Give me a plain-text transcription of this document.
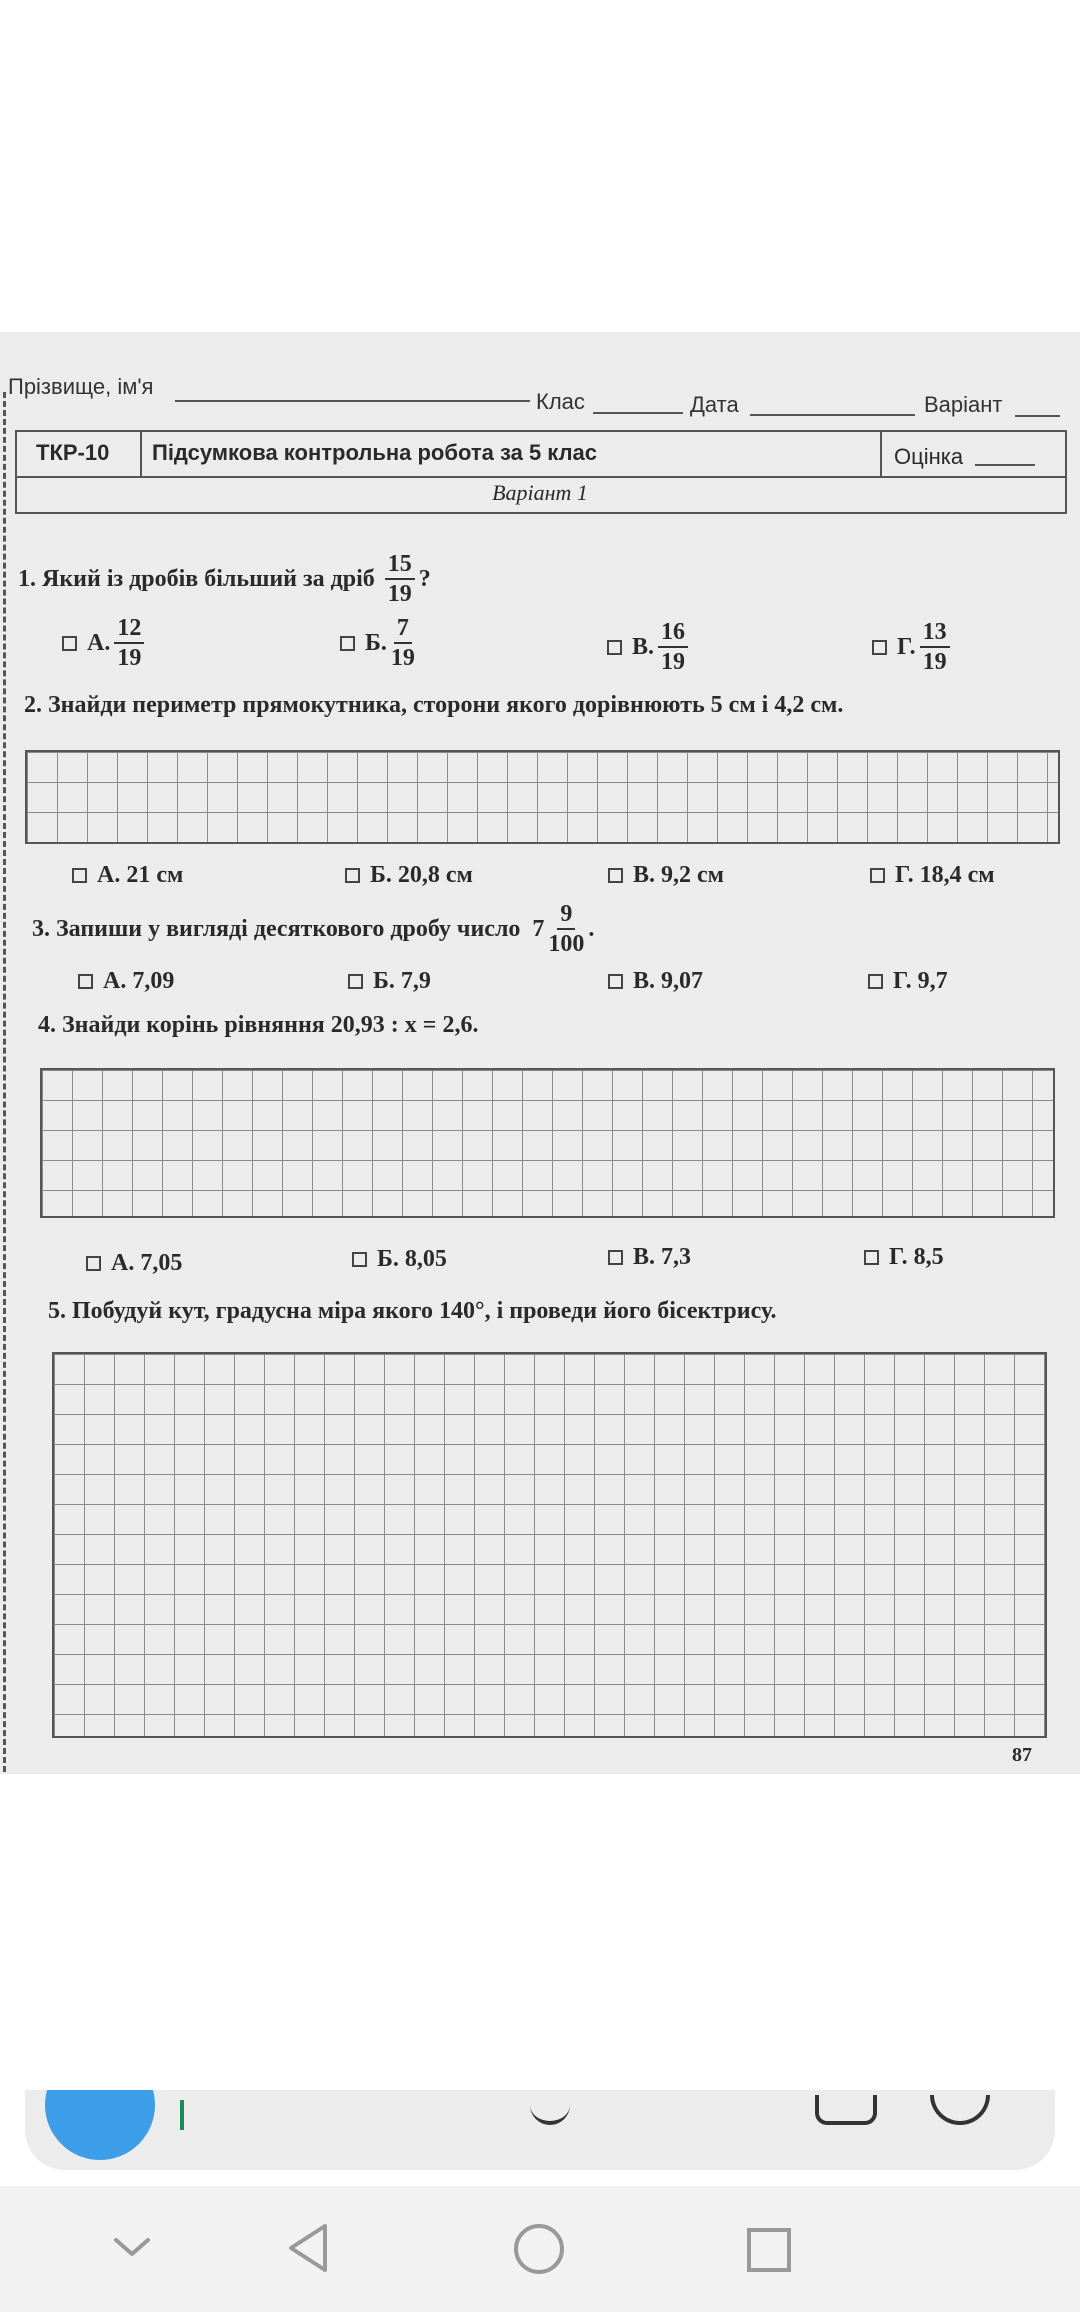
Прізвище, ім'я
Клас	Дата	Варіант
ТКР-10 Підсумкова контрольна робота за 5 клас	Оцінка
Варіант 1
1. Який із дробів більший за дріб $\frac{15}{19}$ ?
А. $\frac{12}{19}$	Б. $\frac{7}{19}$	В. $\frac{16}{19}$	Г. $\frac{13}{19}$
2. Знайди периметр прямокутника, сторони якого дорівнюють 5 см і 4,2 см.
А. 21 см	Б. 20,8 см	В. 9,2 см	Г. 18,4 см
3. Запиши у вигляді десяткового дробу число $7 \frac{9}{100}$ .
А. 7,09	Б. 7,9	В. 9,07	Г. 9,7
4. Знайди корінь рівняння 20,93 : x = 2,6.
А. 7,05	Б. 8,05	В. 7,3	Г. 8,5
5. Побудуй кут, градусна міра якого 140°, і проведи його бісектрису.
87
